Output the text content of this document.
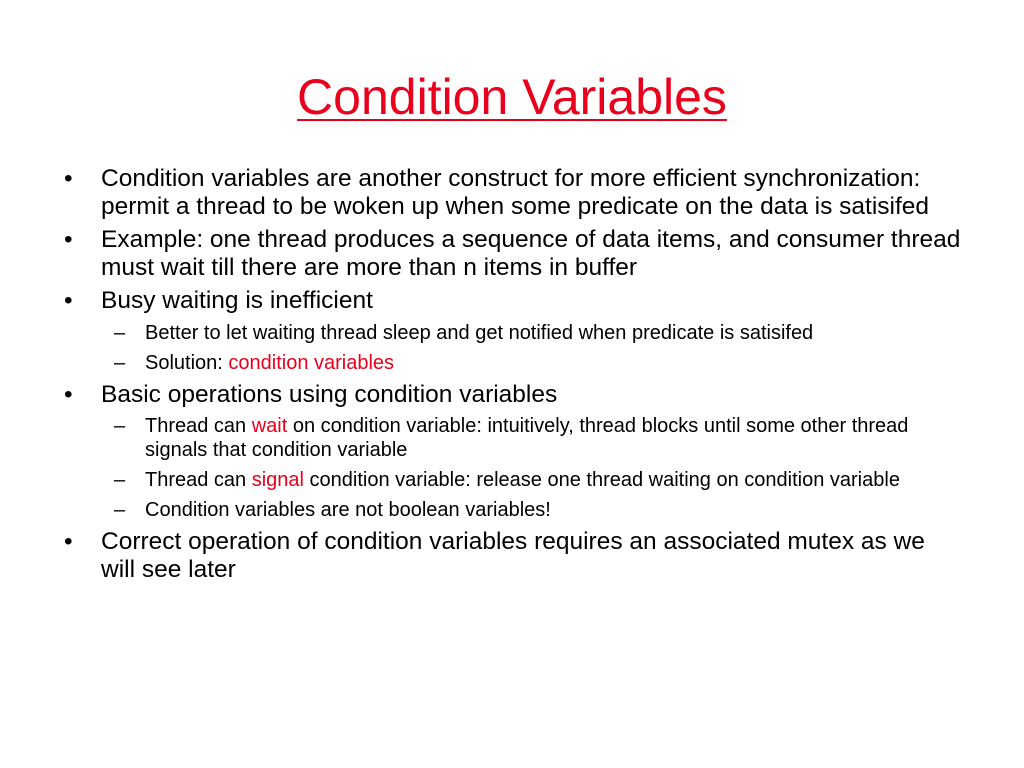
Condition Variables
• Condition variables are another construct for more efficient synchronization: permit a thread to be woken up when some predicate on the data is satisifed
• Example: one thread produces a sequence of data items, and consumer thread must wait till there are more than n items in buffer
• Busy waiting is inefficient
– Better to let waiting thread sleep and get notified when predicate is satisifed
– Solution: condition variables
• Basic operations using condition variables
– Thread can wait on condition variable: intuitively, thread blocks until some other thread signals that condition variable
– Thread can signal condition variable: release one thread waiting on condition variable
– Condition variables are not boolean variables!
• Correct operation of condition variables requires an associated mutex as we will see later
